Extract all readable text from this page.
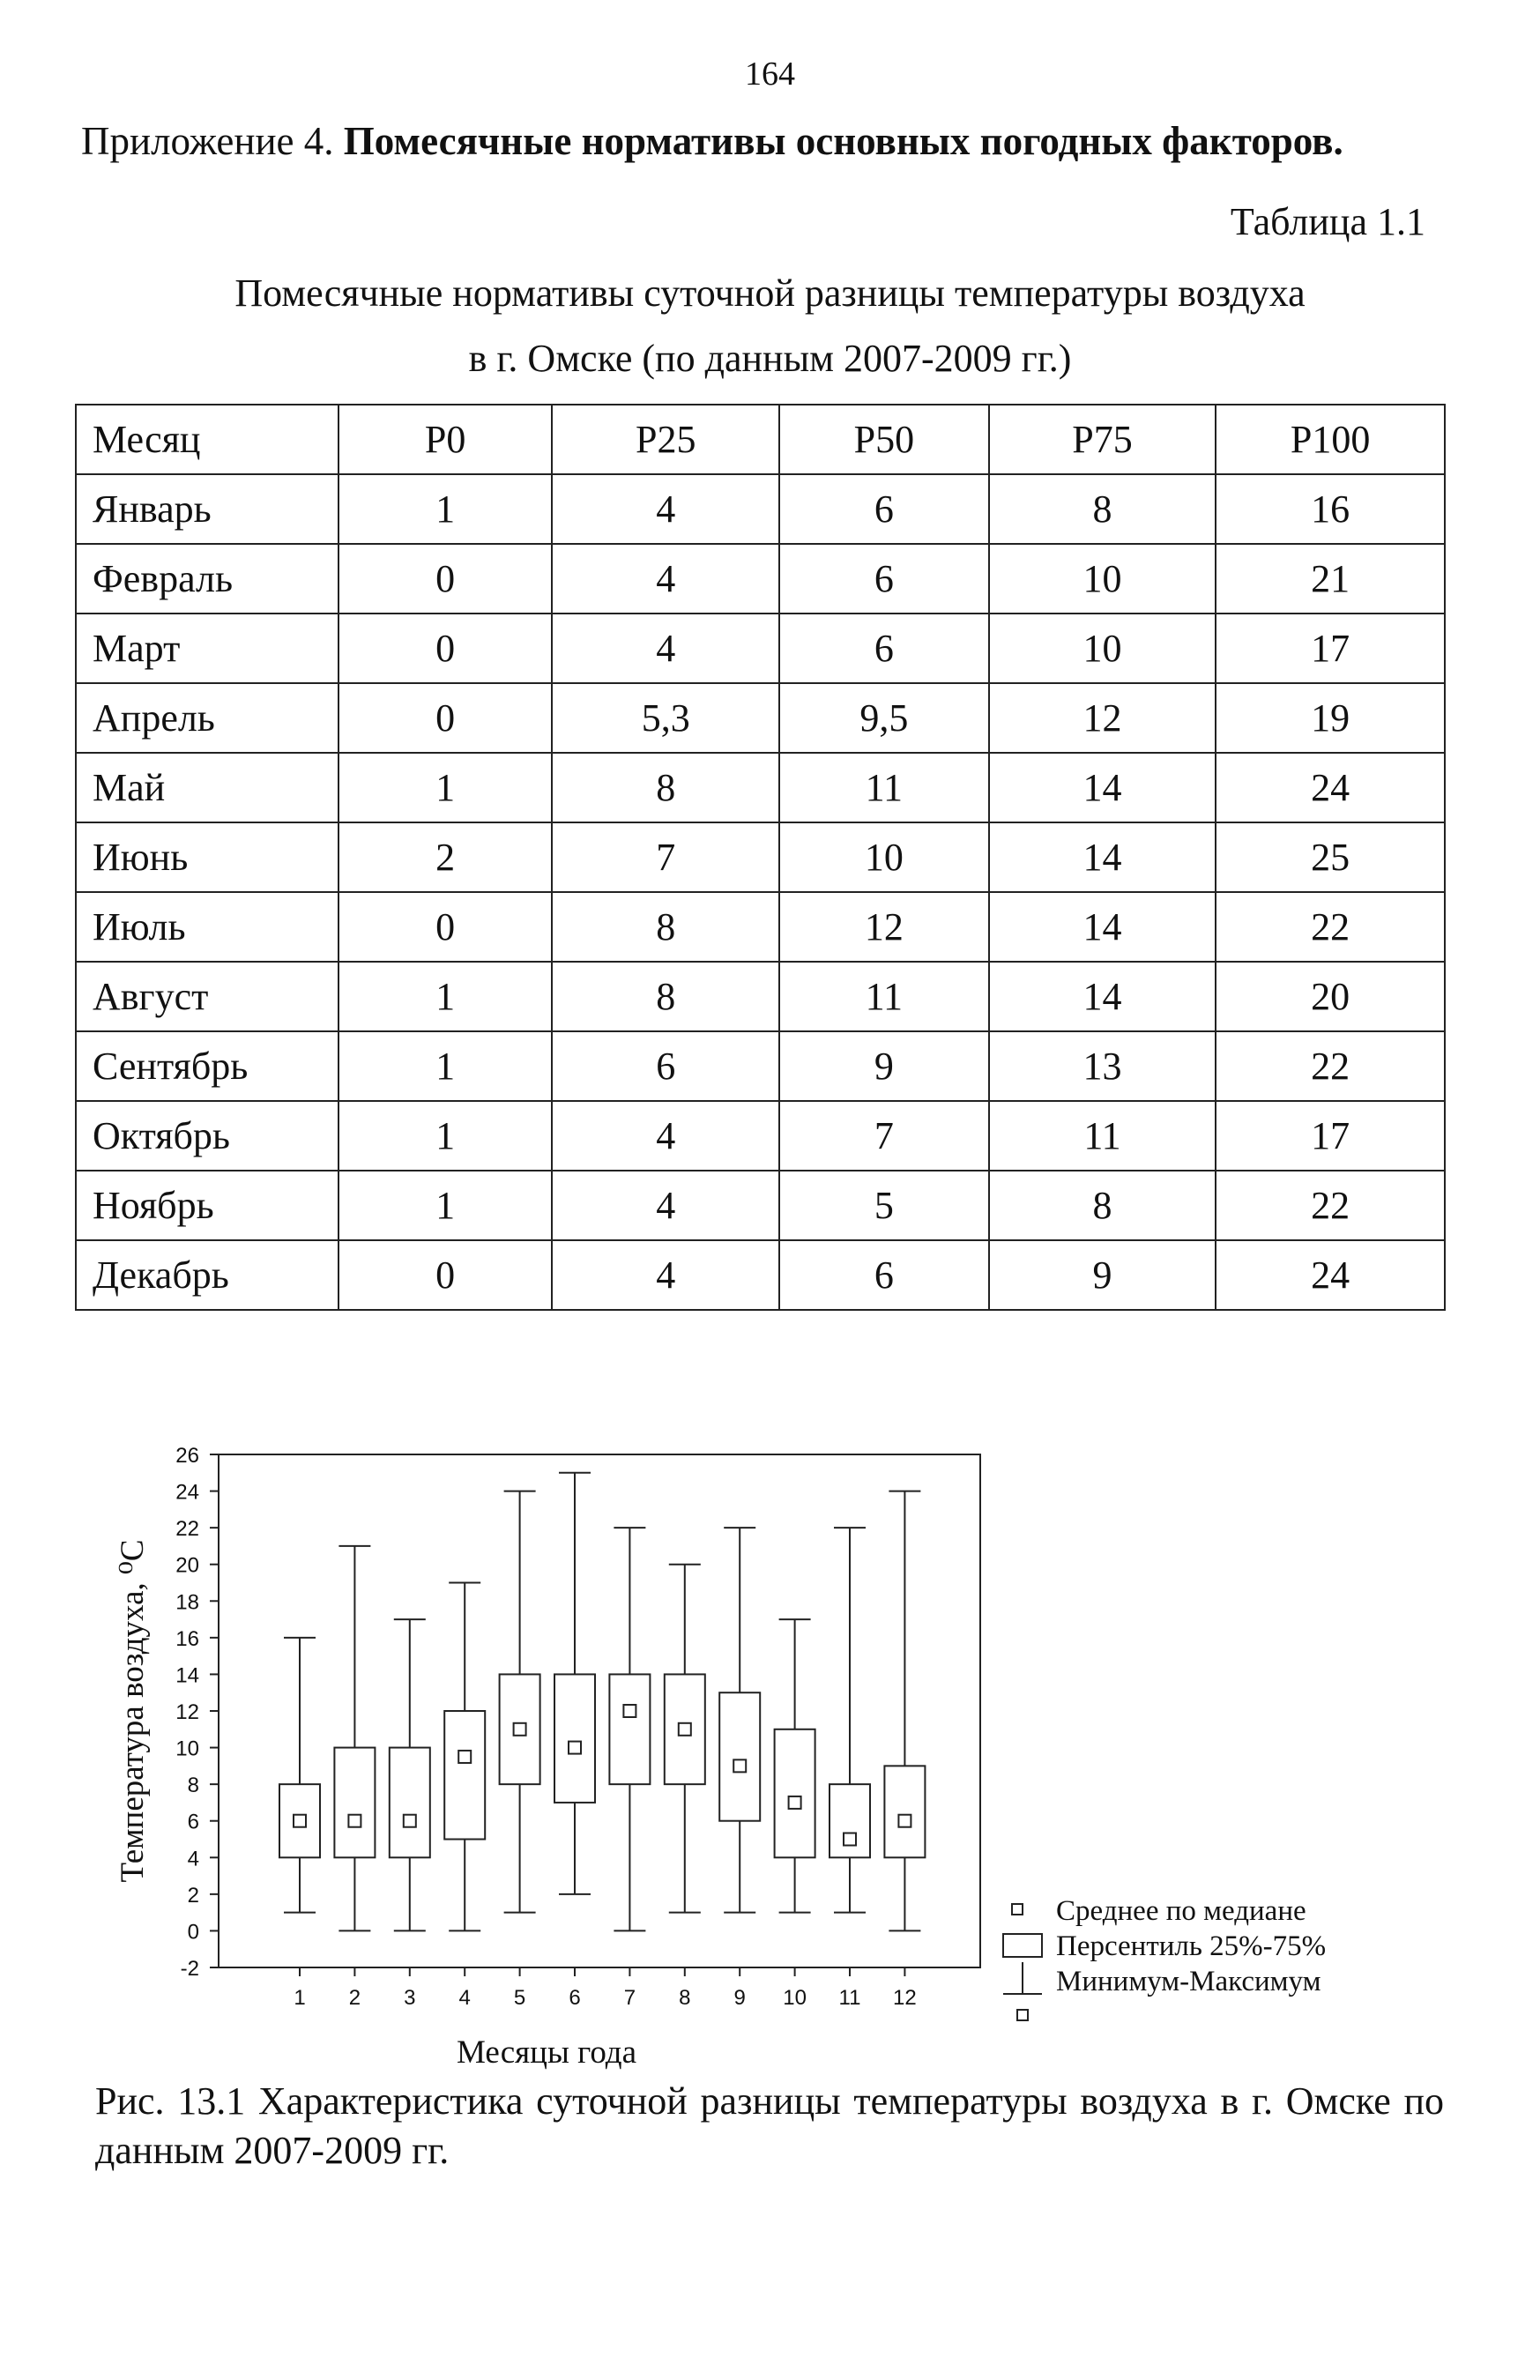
164
Приложение 4. Помесячные нормативы основных погодных факторов.
Таблица 1.1
Помесячные нормативы суточной разницы температуры воздуха
в г. Омске (по данным 2007-2009 гг.)
Месяц	P0	P25	P50	P75	P100
Январь	1	4	6	8	16
Февраль	0	4	6	10	21
Март	0	4	6	10	17
Апрель	0	5,3	9,5	12	19
Май	1	8	11	14	24
Июнь	2	7	10	14	25
Июль	0	8	12	14	22
Август	1	8	11	14	20
Сентябрь	1	6	9	13	22
Октябрь	1	4	7	11	17
Ноябрь	1	4	5	8	22
Декабрь	0	4	6	9	24
-2
0
2
4
6
8
10
12
14
16
18
20
22
24
26
1 2 3 4 5 6 7 8 9 10 11 12
Температура воздуха, ⁰С
Месяцы года
Среднее по медиане
Персентиль 25%-75%
Минимум-Максимум
Рис. 13.1 Характеристика суточной разницы температуры воздуха в г. Омске по данным 2007-2009 гг.
